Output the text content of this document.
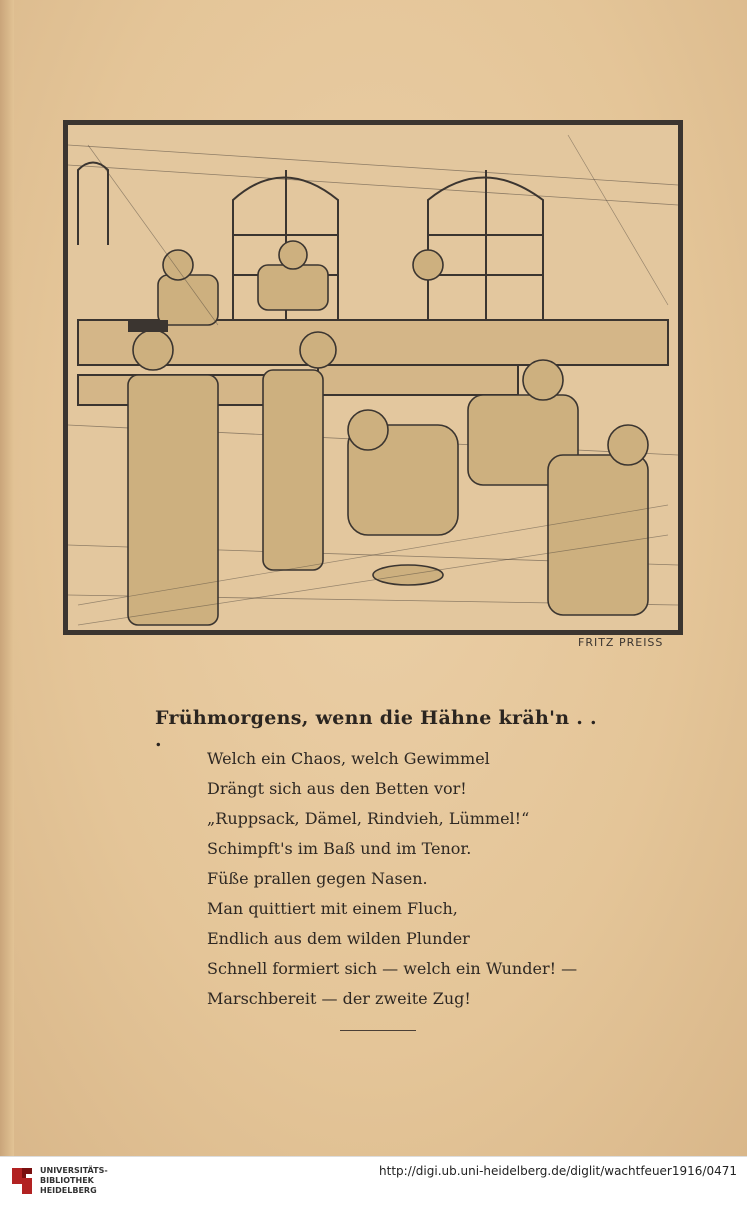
FRITZ PREISS
Frühmorgens, wenn die Hähne kräh'n . . .
Welch ein Chaos, welch Gewimmel
Drängt sich aus den Betten vor!
„Ruppsack, Dämel, Rindvieh, Lümmel!“
Schimpft's im Baß und im Tenor.
Füße prallen gegen Nasen.
Man quittiert mit einem Fluch,
Endlich aus dem wilden Plunder
Schnell formiert sich — welch ein Wunder! —
Marschbereit — der zweite Zug!
UNIVERSITÄTS-
BIBLIOTHEK
HEIDELBERG
http://digi.ub.uni-heidelberg.de/diglit/wachtfeuer1916/0471
